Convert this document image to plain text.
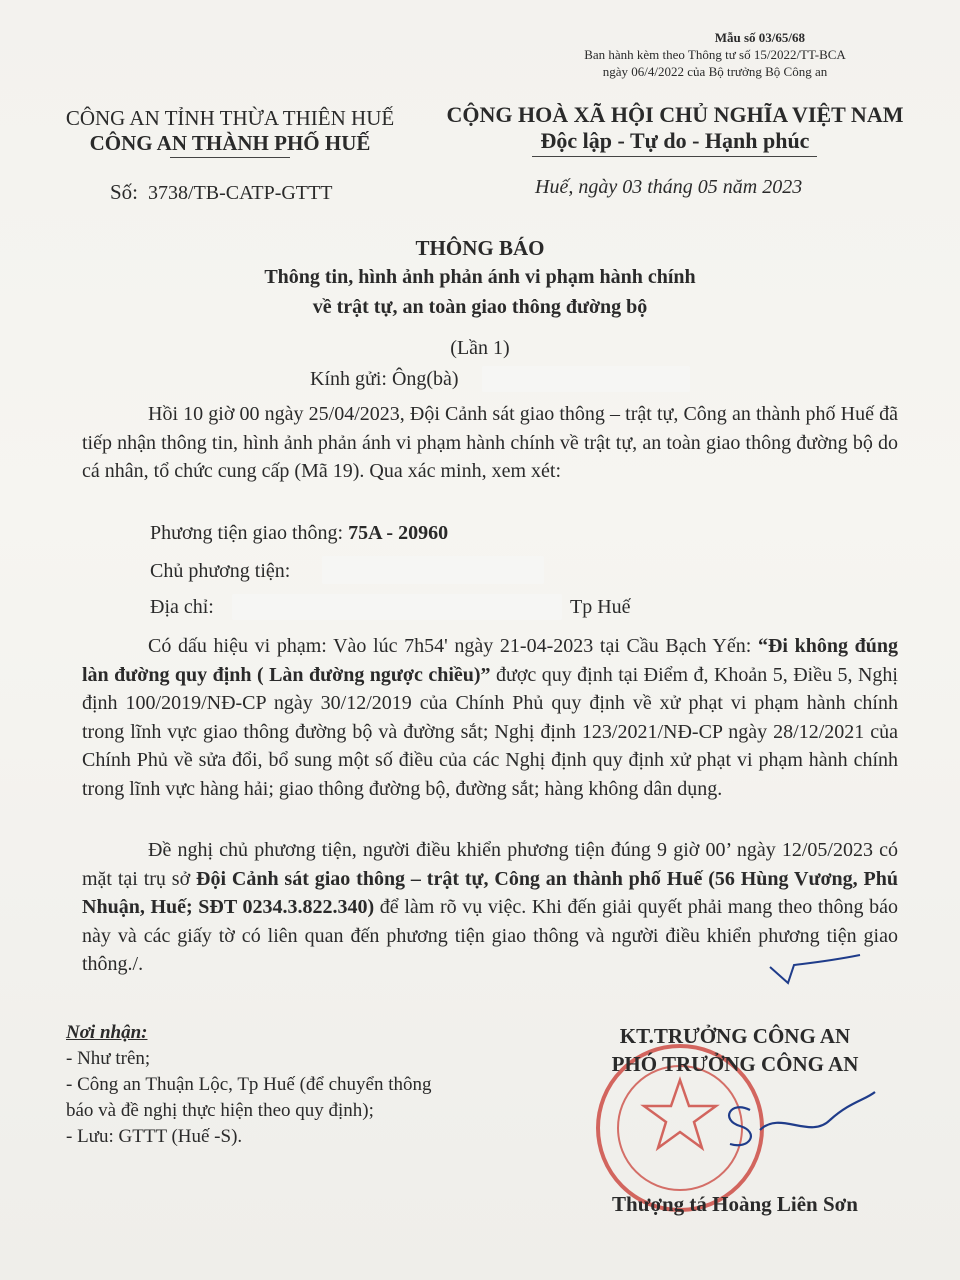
Mẫu số 03/65/68
Ban hành kèm theo Thông tư số 15/2022/TT-BCA
ngày 06/4/2022 của Bộ trưởng Bộ Công an
CÔNG AN TỈNH THỪA THIÊN HUẾ
CÔNG AN THÀNH PHỐ HUẾ
CỘNG HOÀ XÃ HỘI CHỦ NGHĨA VIỆT NAM
Độc lập - Tự do - Hạnh phúc
Số: 3738/TB-CATP-GTTT	Huế, ngày 03 tháng 05 năm 2023
THÔNG BÁO
Thông tin, hình ảnh phản ánh vi phạm hành chính
về trật tự, an toàn giao thông đường bộ
(Lần 1)
Kính gửi: Ông(bà)
Hồi 10 giờ 00 ngày 25/04/2023, Đội Cảnh sát giao thông – trật tự, Công an thành phố Huế đã tiếp nhận thông tin, hình ảnh phản ánh vi phạm hành chính về trật tự, an toàn giao thông đường bộ do cá nhân, tổ chức cung cấp (Mã 19). Qua xác minh, xem xét:
Phương tiện giao thông: 75A - 20960
Chủ phương tiện:
Địa chỉ:	Tp Huế
Có dấu hiệu vi phạm: Vào lúc 7h54' ngày 21-04-2023 tại Cầu Bạch Yến: “Đi không đúng làn đường quy định ( Làn đường ngược chiều)” được quy định tại Điểm đ, Khoản 5, Điều 5, Nghị định 100/2019/NĐ-CP ngày 30/12/2019 của Chính Phủ quy định về xử phạt vi phạm hành chính trong lĩnh vực giao thông đường bộ và đường sắt; Nghị định 123/2021/NĐ-CP ngày 28/12/2021 của Chính Phủ về sửa đổi, bổ sung một số điều của các Nghị định quy định xử phạt vi phạm hành chính trong lĩnh vực hàng hải; giao thông đường bộ, đường sắt; hàng không dân dụng.
Đề nghị chủ phương tiện, người điều khiển phương tiện đúng 9 giờ 00’ ngày 12/05/2023 có mặt tại trụ sở Đội Cảnh sát giao thông – trật tự, Công an thành phố Huế (56 Hùng Vương, Phú Nhuận, Huế; SĐT 0234.3.822.340) để làm rõ vụ việc. Khi đến giải quyết phải mang theo thông báo này và các giấy tờ có liên quan đến phương tiện giao thông và người điều khiển phương tiện giao thông./.
Nơi nhận:
- Như trên;
- Công an Thuận Lộc, Tp Huế (để chuyển thông
báo và đề nghị thực hiện theo quy định);
- Lưu: GTTT (Huế -S).
KT.TRƯỞNG CÔNG AN
PHÓ TRƯỞNG CÔNG AN
Thượng tá Hoàng Liên Sơn
